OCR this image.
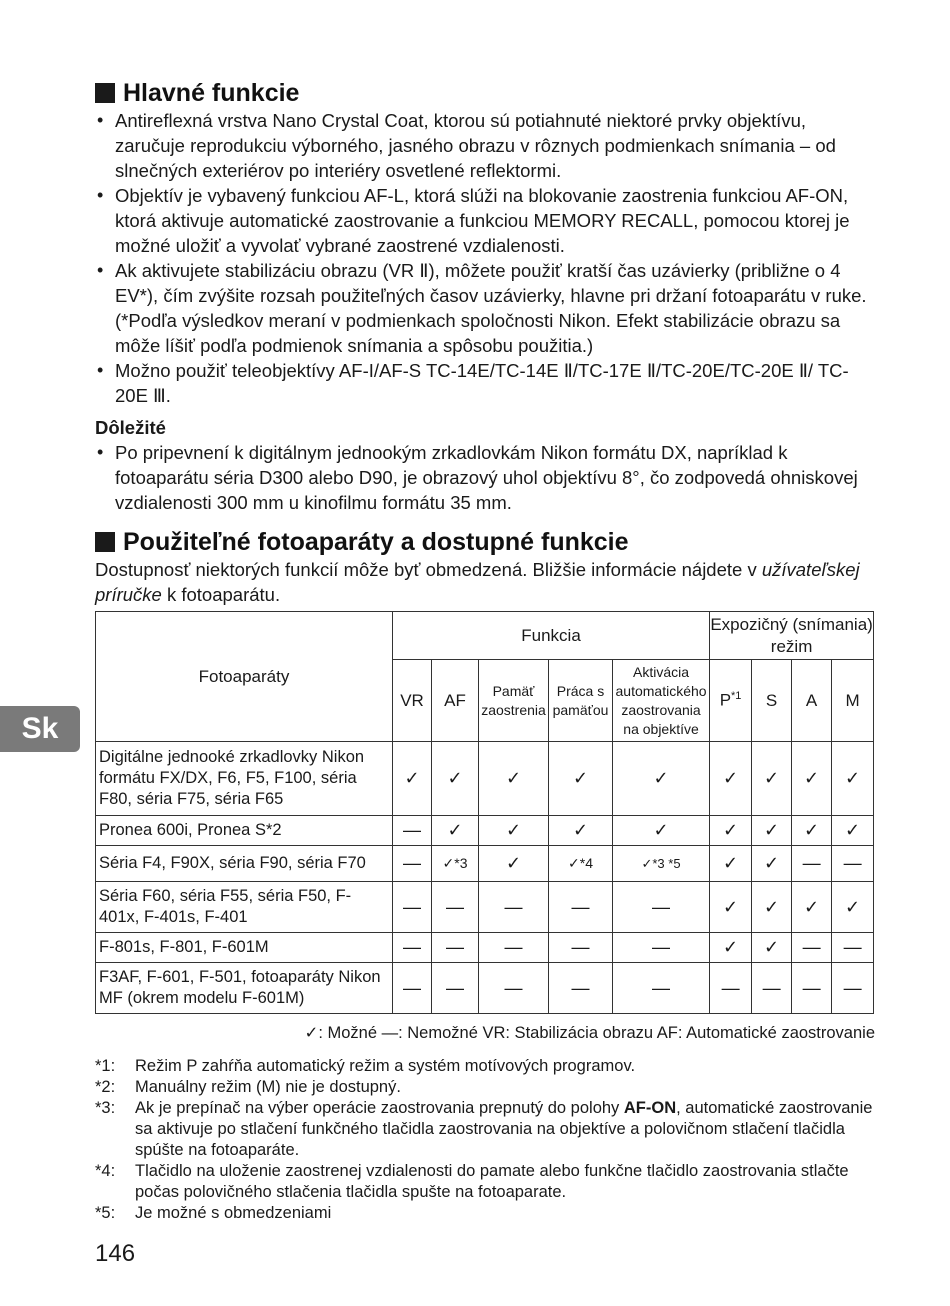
Hlavné funkcie
• Antireflexná vrstva Nano Crystal Coat, ktorou sú potiahnuté niektoré prvky objektívu, zaručuje reprodukciu výborného, jasného obrazu v rôznych podmienkach snímania – od slnečných exteriérov po interiéry osvetlené reflektormi.
• Objektív je vybavený funkciou AF-L, ktorá slúži na blokovanie zaostrenia funkciou AF-ON, ktorá aktivuje automatické zaostrovanie a funkciou MEMORY RECALL, pomocou ktorej je možné uložiť a vyvolať vybrané zaostrené vzdialenosti.
• Ak aktivujete stabilizáciu obrazu (VR Ⅱ), môžete použiť kratší čas uzávierky (približne o 4 EV*), čím zvýšite rozsah použiteľných časov uzávierky, hlavne pri držaní fotoaparátu v ruke. (*Podľa výsledkov meraní v podmienkach spoločnosti Nikon. Efekt stabilizácie obrazu sa môže líšiť podľa podmienok snímania a spôsobu použitia.)
• Možno použiť teleobjektívy AF-I/AF-S TC-14E/TC-14E Ⅱ/TC-17E Ⅱ/TC-20E/TC-20E Ⅱ/ TC-20E Ⅲ.
Dôležité
• Po pripevnení k digitálnym jednookým zrkadlovkám Nikon formátu DX, napríklad k fotoaparátu séria D300 alebo D90, je obrazový uhol objektívu 8°, čo zodpovedá ohniskovej vzdialenosti 300 mm u kinofilmu formátu 35 mm.
Použiteľné fotoaparáty a dostupné funkcie
Dostupnosť niektorých funkcií môže byť obmedzená. Bližšie informácie nájdete v užívateľskej príručke k fotoaparátu.
Fotoaparáty	Funkcia					Expozičný (snímania) režim			
	VR	AF	Pamäť zaostrenia	Práca s pamäťou	Aktivácia automatického zaostrovania na objektíve	$P^{*1}$	S	A	M
Digitálne jednooké zrkadlovky Nikon formátu FX/DX, F6, F5, F100, séria F80, séria F75, séria F65	✓	✓	✓	✓	✓	✓	✓	✓	✓
Pronea 600i, Pronea S*2	—	✓	✓	✓	✓	✓	✓	✓	✓
Séria F4, F90X, séria F90, séria F70	—	✓*3	✓	✓*4	✓*3 *5	✓	✓	—	—
Séria F60, séria F55, séria F50, F-401x, F-401s, F-401	—	—	—	—	—	✓	✓	✓	✓
F-801s, F-801, F-601M	—	—	—	—	—	✓	✓	—	—
F3AF, F-601, F-501, fotoaparáty Nikon MF (okrem modelu F-601M)	—	—	—	—	—	—	—	—	—
✓: Možné —: Nemožné VR: Stabilizácia obrazu AF: Automatické zaostrovanie
*1:	Režim P zahŕňa automatický režim a systém motívových programov.
*2:	Manuálny režim (M) nie je dostupný.
*3:	Ak je prepínač na výber operácie zaostrovania prepnutý do polohy AF-ON, automatické zaostrovanie sa aktivuje po stlačení funkčného tlačidla zaostrovania na objektíve a polovičnom stlačení tlačidla spúšte na fotoaparáte.
*4:	Tlačidlo na uloženie zaostrenej vzdialenosti do pamate alebo funkčne tlačidlo zaostrovania stlačte počas polovičného stlačenia tlačidla spušte na fotoaparate.
*5:	Je možné s obmedzeniami
Sk
146
